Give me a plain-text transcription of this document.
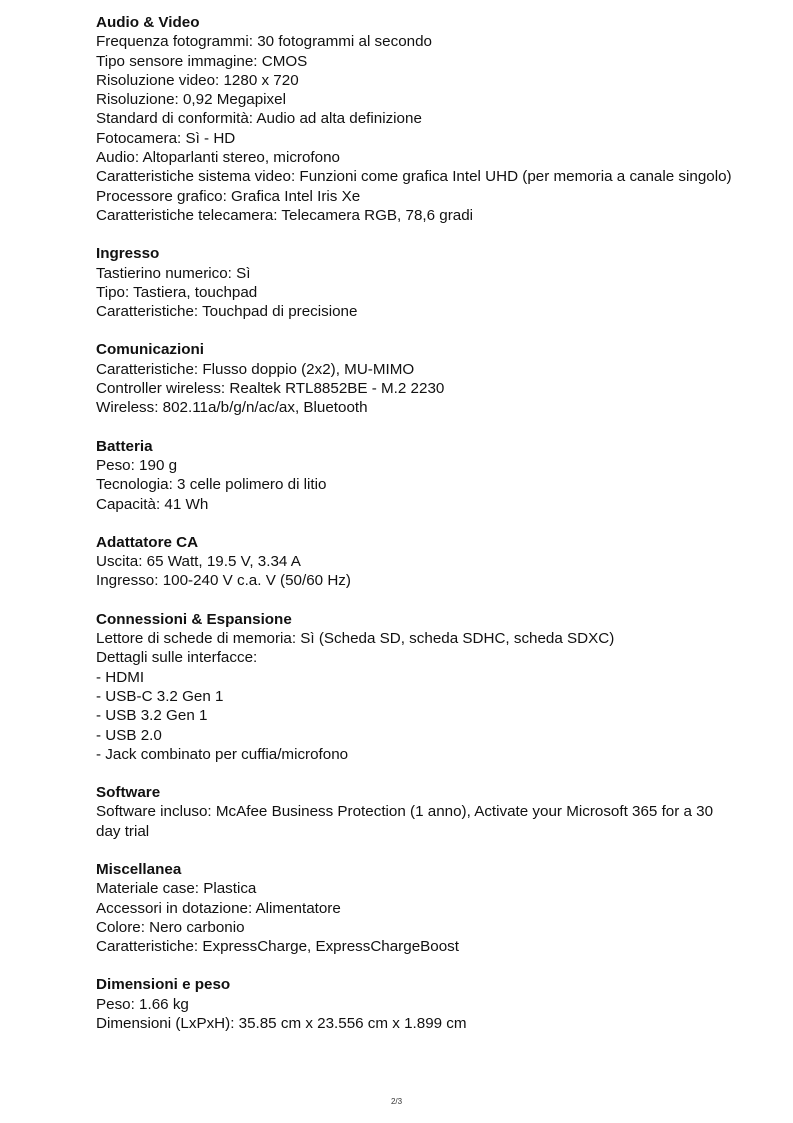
Audio & Video
Frequenza fotogrammi: 30 fotogrammi al secondo
Tipo sensore immagine: CMOS
Risoluzione video: 1280 x 720
Risoluzione: 0,92 Megapixel
Standard di conformità: Audio ad alta definizione
Fotocamera: Sì - HD
Audio: Altoparlanti stereo, microfono
Caratteristiche sistema video: Funzioni come grafica Intel UHD (per memoria a canale singolo)
Processore grafico: Grafica Intel Iris Xe
Caratteristiche telecamera: Telecamera RGB, 78,6 gradi
Ingresso
Tastierino numerico: Sì
Tipo: Tastiera, touchpad
Caratteristiche: Touchpad di precisione
Comunicazioni
Caratteristiche: Flusso doppio (2x2), MU-MIMO
Controller wireless: Realtek RTL8852BE - M.2 2230
Wireless: 802.11a/b/g/n/ac/ax, Bluetooth
Batteria
Peso: 190 g
Tecnologia: 3 celle polimero di litio
Capacità: 41 Wh
Adattatore CA
Uscita: 65 Watt, 19.5 V, 3.34 A
Ingresso: 100-240 V c.a. V (50/60 Hz)
Connessioni & Espansione
Lettore di schede di memoria: Sì (Scheda SD, scheda SDHC, scheda SDXC)
Dettagli sulle interfacce:
- HDMI
- USB-C 3.2 Gen 1
- USB 3.2 Gen 1
- USB 2.0
- Jack combinato per cuffia/microfono
Software
Software incluso: McAfee Business Protection (1 anno), Activate your Microsoft 365 for a 30 day trial
Miscellanea
Materiale case: Plastica
Accessori in dotazione: Alimentatore
Colore: Nero carbonio
Caratteristiche: ExpressCharge, ExpressChargeBoost
Dimensioni e peso
Peso: 1.66 kg
Dimensioni (LxPxH): 35.85 cm x 23.556 cm x 1.899 cm
2/3
